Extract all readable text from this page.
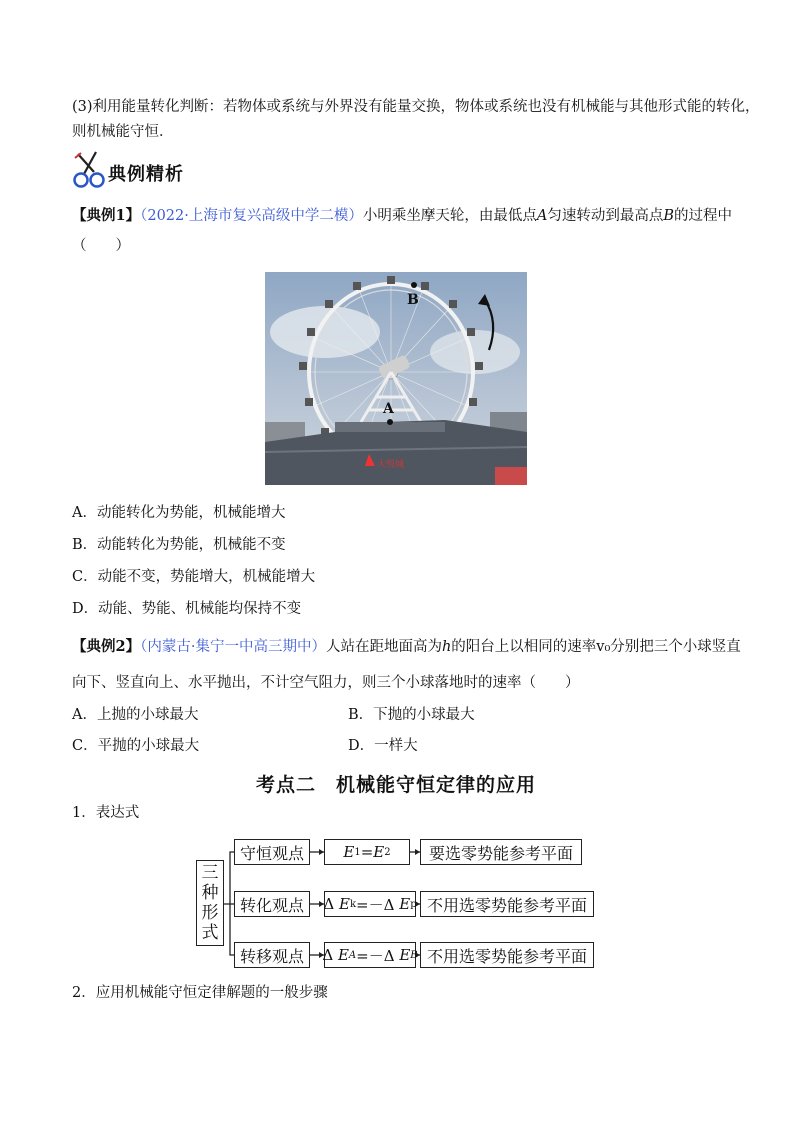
(3)利用能量转化判断：若物体或系统与外界没有能量交换，物体或系统也没有机械能与其他形式能的转化，
则机械能守恒．
典例精析
【典例1】（2022·上海市复兴高级中学二模）小明乘坐摩天轮，由最低点A匀速转动到最高点B的过程中
（　　）
大悦城
B
A
A．动能转化为势能，机械能增大
B．动能转化为势能，机械能不变
C．动能不变，势能增大，机械能增大
D．动能、势能、机械能均保持不变
【典例2】（内蒙古·集宁一中高三期中）人站在距地面高为h的阳台上以相同的速率v₀分别把三个小球竖直
向下、竖直向上、水平抛出，不计空气阻力，则三个小球落地时的速率（　　）
A．上抛的小球最大	B．下抛的小球最大
C．平抛的小球最大	D．一样大
考点二　机械能守恒定律的应用
1．表达式
三
种
形
式
守恒观点
转化观点
转移观点
E 1 = E 2
Δ
E k =－Δ
E p
Δ
E A =－Δ
E B
要选零势能参考平面
不用选零势能参考平面
不用选零势能参考平面
2．应用机械能守恒定律解题的一般步骤
